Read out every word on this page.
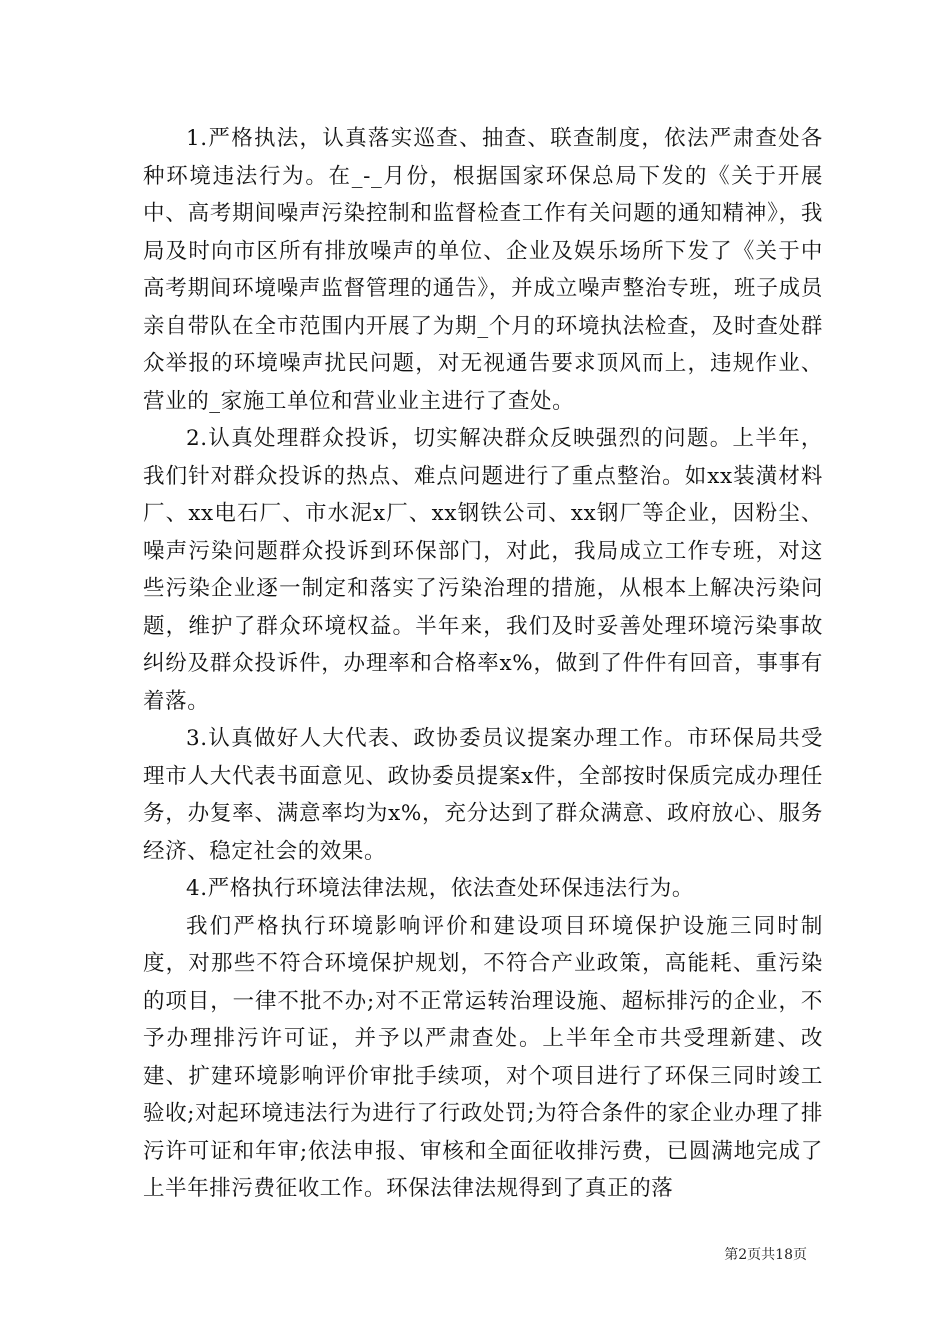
1.严格执法，认真落实巡查、抽查、联查制度，依法严肃查处各种环境违法行为。在_-_月份，根据国家环保总局下发的《关于开展中、高考期间噪声污染控制和监督检查工作有关问题的通知精神》，我局及时向市区所有排放噪声的单位、企业及娱乐场所下发了《关于中高考期间环境噪声监督管理的通告》，并成立噪声整治专班，班子成员亲自带队在全市范围内开展了为期_个月的环境执法检查，及时查处群众举报的环境噪声扰民问题，对无视通告要求顶风而上，违规作业、营业的_家施工单位和营业业主进行了查处。

2.认真处理群众投诉，切实解决群众反映强烈的问题。上半年，我们针对群众投诉的热点、难点问题进行了重点整治。如xx装潢材料厂、xx电石厂、市水泥x厂、xx钢铁公司、xx钢厂等企业，因粉尘、噪声污染问题群众投诉到环保部门，对此，我局成立工作专班，对这些污染企业逐一制定和落实了污染治理的措施，从根本上解决污染问题，维护了群众环境权益。半年来，我们及时妥善处理环境污染事故纠纷及群众投诉件，办理率和合格率x%，做到了件件有回音，事事有着落。

3.认真做好人大代表、政协委员议提案办理工作。市环保局共受理市人大代表书面意见、政协委员提案x件，全部按时保质完成办理任务，办复率、满意率均为x%，充分达到了群众满意、政府放心、服务经济、稳定社会的效果。

4.严格执行环境法律法规，依法查处环保违法行为。

我们严格执行环境影响评价和建设项目环境保护设施三同时制度，对那些不符合环境保护规划，不符合产业政策，高能耗、重污染的项目，一律不批不办;对不正常运转治理设施、超标排污的企业，不予办理排污许可证，并予以严肃查处。上半年全市共受理新建、改建、扩建环境影响评价审批手续项，对个项目进行了环保三同时竣工验收;对起环境违法行为进行了行政处罚;为符合条件的家企业办理了排污许可证和年审;依法申报、审核和全面征收排污费，已圆满地完成了上半年排污费征收工作。环保法律法规得到了真正的落

第2页共18页
